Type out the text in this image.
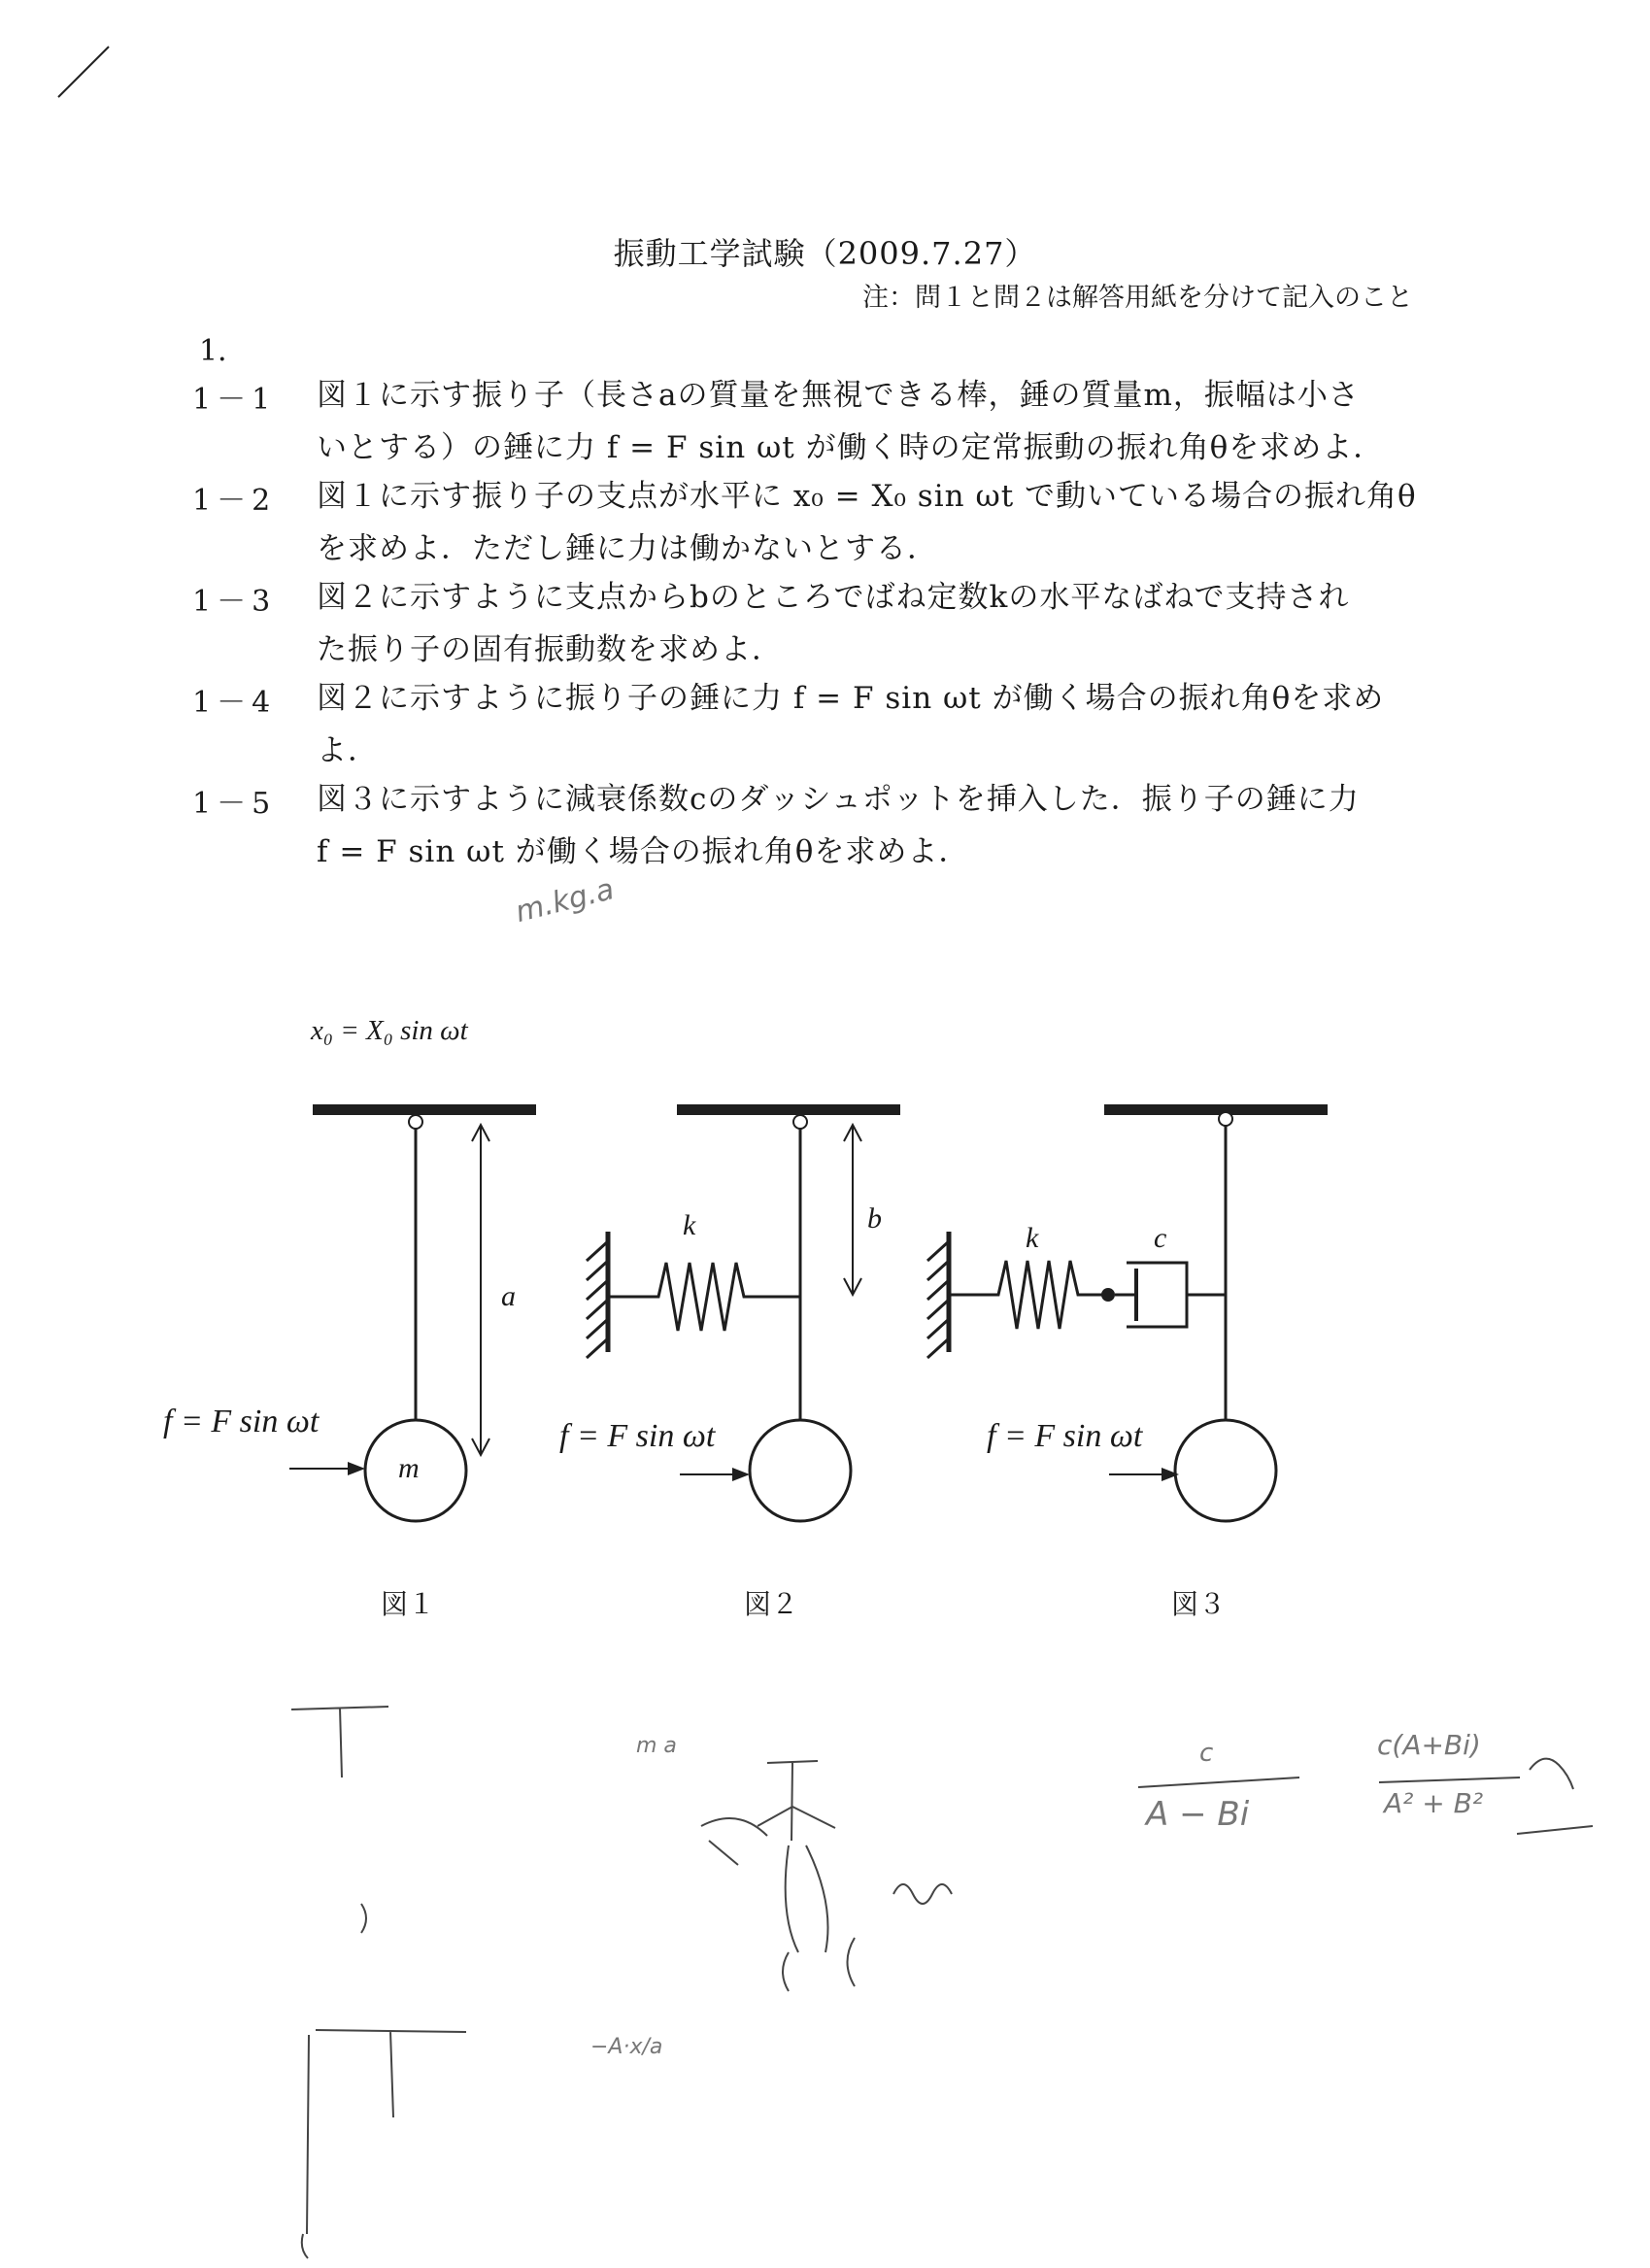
振動工学試験（2009.7.27）
注：問１と問２は解答用紙を分けて記入のこと
1．
1－1 図１に示す振り子（長さaの質量を無視できる棒，錘の質量m，振幅は小さ
いとする）の錘に力 f = F sin ωt が働く時の定常振動の振れ角θを求めよ．
1－2 図１に示す振り子の支点が水平に x₀ = X₀ sin ωt で動いている場合の振れ角θ
を求めよ．ただし錘に力は働かないとする．
1－3 図２に示すように支点からbのところでばね定数kの水平なばねで支持され
た振り子の固有振動数を求めよ．
1－4 図２に示すように振り子の錘に力 f = F sin ωt が働く場合の振れ角θを求め
よ．
1－5 図３に示すように減衰係数cのダッシュポットを挿入した．振り子の錘に力
f = F sin ωt が働く場合の振れ角θを求めよ．
x₀ = X₀ sin ωt
f = F sin ωt
a
m
図１
f = F sin ωt
k	b
図２
f = F sin ωt
k	c
図３
m.kg.a
m a	c
A − Bi
c(A+Bi)
A² + B²
−A·x/a
